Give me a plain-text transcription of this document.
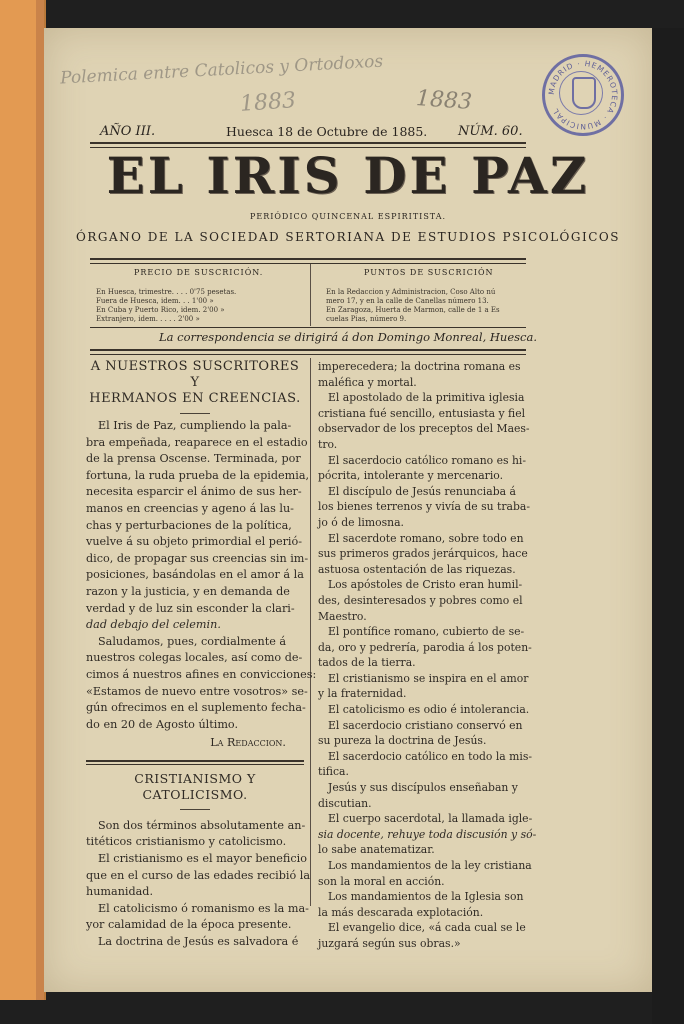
Polemica entre Catolicos y Ortodoxos
1883	1883	MADRID · HEMEROTECA · MUNICIPAL
AÑO III.	Huesca 18 de Octubre de 1885. NÚM. 60.
EL IRIS DE PAZ
PERIÓDICO QUINCENAL ESPIRITISTA.
ÓRGANO DE LA SOCIEDAD SERTORIANA DE ESTUDIOS PSICOLÓGICOS
PRECIO DE SUSCRICIÓN.
En Huesca, trimestre. . . . 0'75 pesetas.
Fuera de Huesca, idem. . . 1'00 »
En Cuba y Puerto Rico, idem. 2'00 »
Extranjero, idem. . . . . 2'00 »
PUNTOS DE SUSCRICIÓN
En la Redaccion y Administracion, Coso Alto nú
mero 17, y en la calle de Canellas número 13.
En Zaragoza, Huerta de Marmon, calle de 1 a Es
cuelas Pias, número 9.
La correspondencia se dirigirá á don Domingo Monreal, Huesca.
A NUESTROS SUSCRITORES
Y
HERMANOS EN CREENCIAS.

El Iris de Paz, cumpliendo la pala-

bra empeñada, reaparece en el estadio

de la prensa Oscense. Terminada, por

fortuna, la ruda prueba de la epidemia,

necesita esparcir el ánimo de sus her-

manos en creencias y ageno á las lu-

chas y perturbaciones de la política,

vuelve á su objeto primordial el perió-

dico, de propagar sus creencias sin im-

posiciones, basándolas en el amor á la

razon y la justicia, y en demanda de

verdad y de luz sin esconder la clari-

dad debajo del celemin.

Saludamos, pues, cordialmente á

nuestros colegas locales, así como de-

cimos á nuestros afines en convicciones:

«Estamos de nuevo entre vosotros» se-

gún ofrecimos en el suplemento fecha-

do en 20 de Agosto último.

La Redaccion.

CRISTIANISMO Y CATOLICISMO.

Son dos términos absolutamente an-

titéticos cristianismo y catolicismo.

El cristianismo es el mayor beneficio

que en el curso de las edades recibió la

humanidad.

El catolicismo ó romanismo es la ma-

yor calamidad de la época presente.

La doctrina de Jesús es salvadora é

imperecedera; la doctrina romana es

maléfica y mortal.

El apostolado de la primitiva iglesia

cristiana fué sencillo, entusiasta y fiel

observador de los preceptos del Maes-

tro.

El sacerdocio católico romano es hi-

pócrita, intolerante y mercenario.

El discípulo de Jesús renunciaba á

los bienes terrenos y vivía de su traba-

jo ó de limosna.

El sacerdote romano, sobre todo en

sus primeros grados jerárquicos, hace

astuosa ostentación de las riquezas.

Los apóstoles de Cristo eran humil-

des, desinteresados y pobres como el

Maestro.

El pontífice romano, cubierto de se-

da, oro y pedrería, parodia á los poten-

tados de la tierra.

El cristianismo se inspira en el amor

y la fraternidad.

El catolicismo es odio é intolerancia.

El sacerdocio cristiano conservó en

su pureza la doctrina de Jesús.

El sacerdocio católico en todo la mis-

tifica.

Jesús y sus discípulos enseñaban y

discutian.

El cuerpo sacerdotal, la llamada igle-

sia docente, rehuye toda discusión y só-

lo sabe anatematizar.

Los mandamientos de la ley cristiana

son la moral en acción.

Los mandamientos de la Iglesia son

la más descarada explotación.

El evangelio dice, «á cada cual se le

juzgará según sus obras.»
